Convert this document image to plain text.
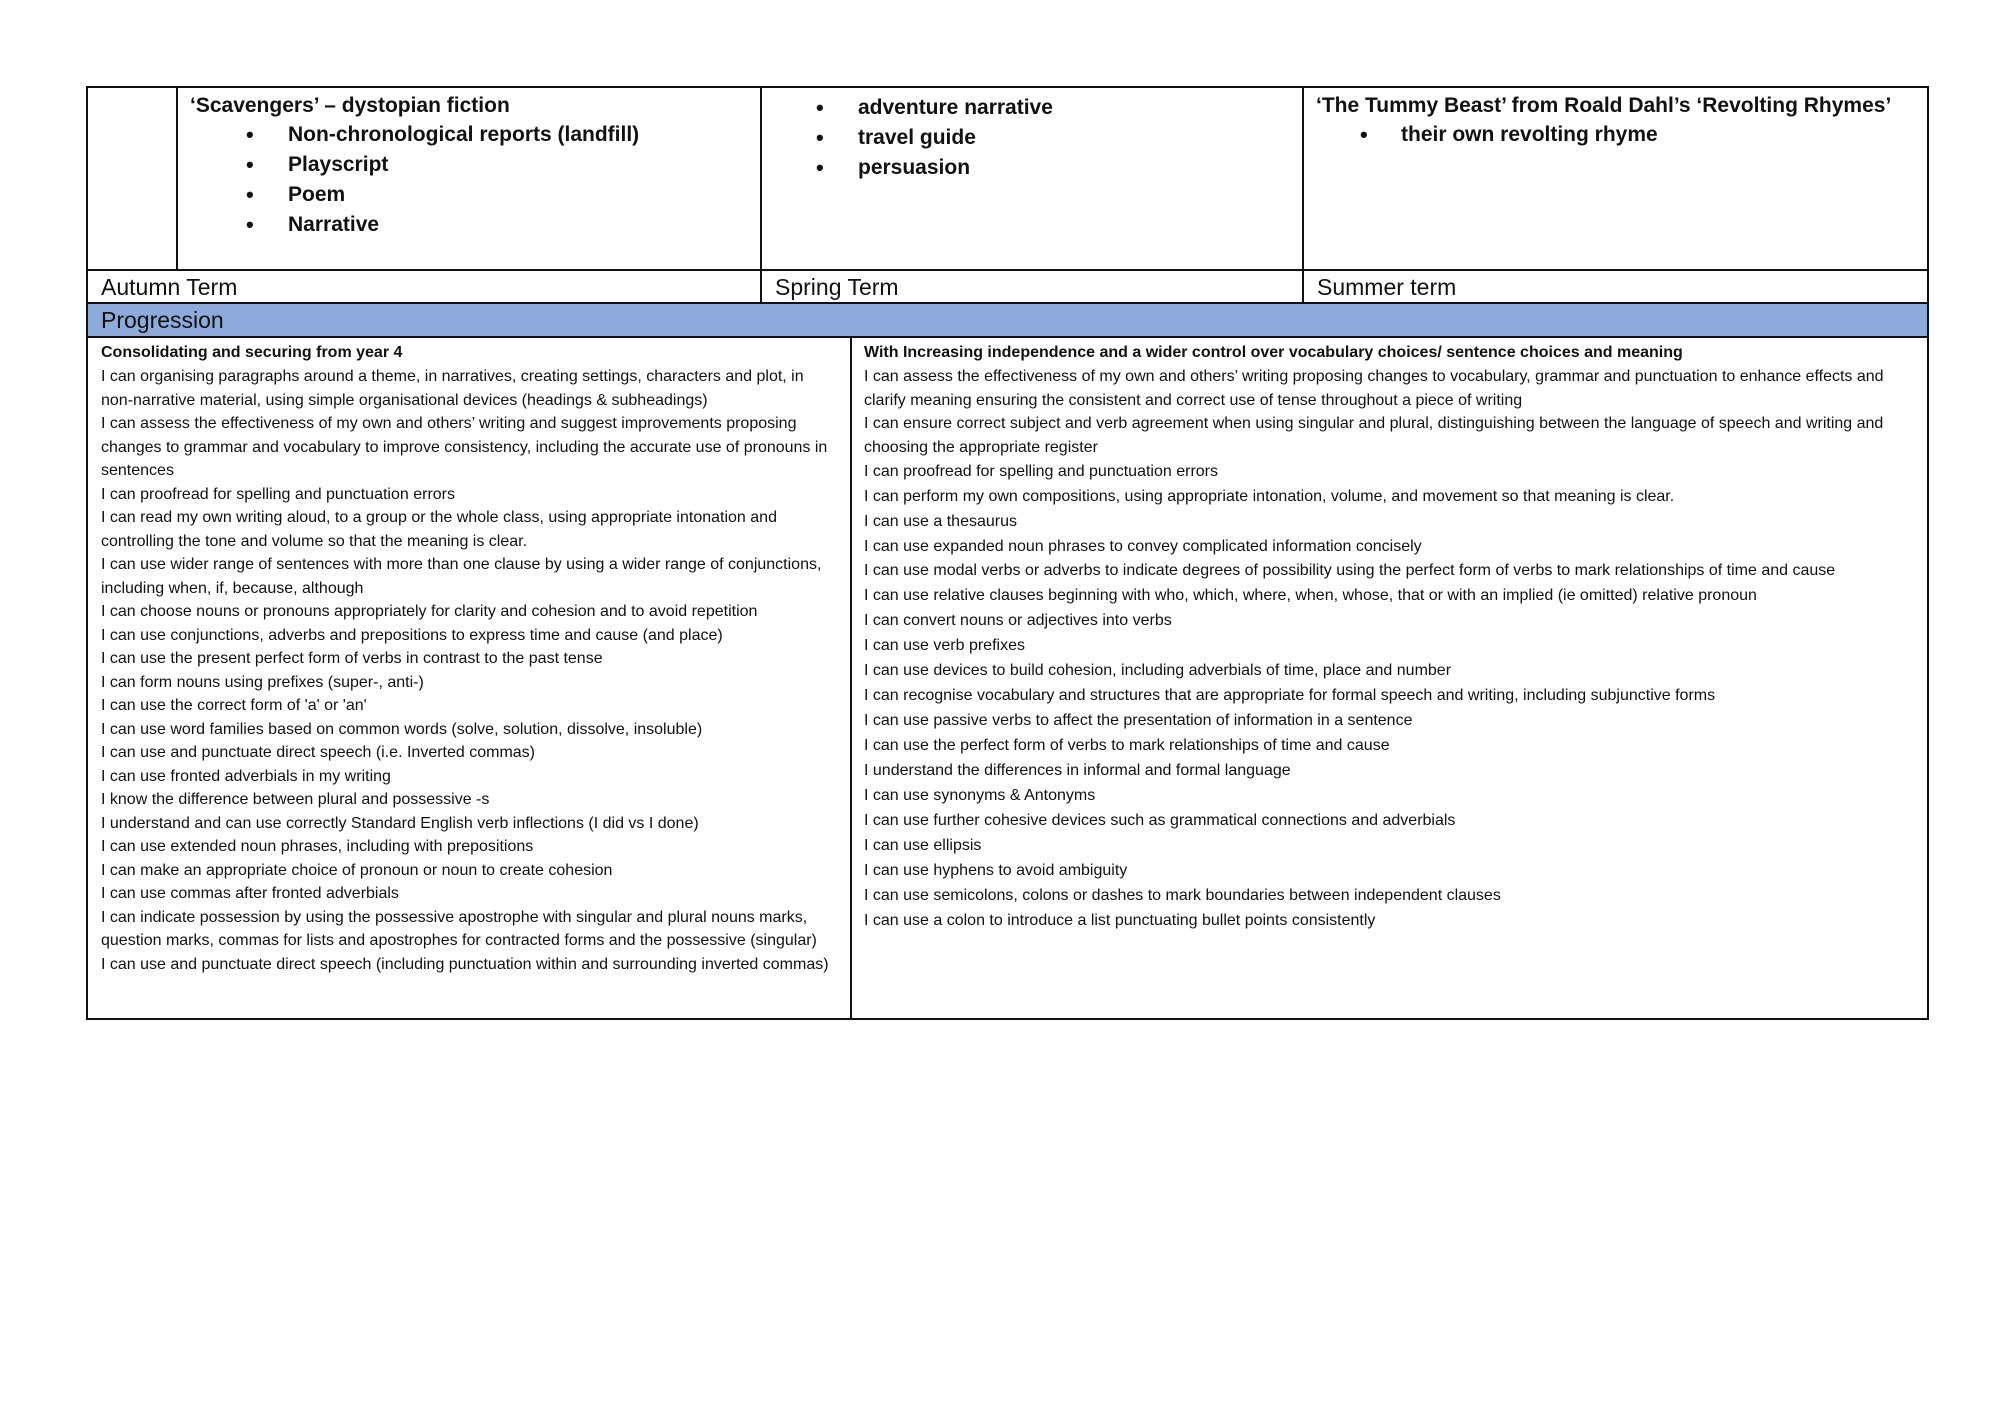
‘Scavengers’ – dystopian fiction
• Non-chronological reports (landfill)
• Playscript
• Poem
• Narrative
• adventure narrative
• travel guide
• persuasion
‘The Tummy Beast’ from Roald Dahl’s ‘Revolting Rhymes’
• their own revolting rhyme
Autumn Term	Spring Term	Summer term
Progression
Consolidating and securing from year 4
I can organising paragraphs around a theme, in narratives, creating settings, characters and plot, in non-narrative material, using simple organisational devices (headings & subheadings)
I can assess the effectiveness of my own and others’ writing and suggest improvements proposing changes to grammar and vocabulary to improve consistency, including the accurate use of pronouns in sentences
I can proofread for spelling and punctuation errors
I can read my own writing aloud, to a group or the whole class, using appropriate intonation and controlling the tone and volume so that the meaning is clear.
I can use wider range of sentences with more than one clause by using a wider range of conjunctions, including when, if, because, although
I can choose nouns or pronouns appropriately for clarity and cohesion and to avoid repetition
I can use conjunctions, adverbs and prepositions to express time and cause (and place)
I can use the present perfect form of verbs in contrast to the past tense
I can form nouns using prefixes (super-, anti-)
I can use the correct form of 'a' or 'an'
I can use word families based on common words (solve, solution, dissolve, insoluble)
I can use and punctuate direct speech (i.e. Inverted commas)
I can use fronted adverbials in my writing
I know the difference between plural and possessive -s
I understand and can use correctly Standard English verb inflections (I did vs I done)
I can use extended noun phrases, including with prepositions
I can make an appropriate choice of pronoun or noun to create cohesion
I can use commas after fronted adverbials
I can indicate possession by using the possessive apostrophe with singular and plural nouns marks, question marks, commas for lists and apostrophes for contracted forms and the possessive (singular)
I can use and punctuate direct speech (including punctuation within and surrounding inverted commas)
With Increasing independence and a wider control over vocabulary choices/ sentence choices and meaning
I can assess the effectiveness of my own and others’ writing proposing changes to vocabulary, grammar and punctuation to enhance effects and clarify meaning ensuring the consistent and correct use of tense throughout a piece of writing
I can ensure correct subject and verb agreement when using singular and plural, distinguishing between the language of speech and writing and choosing the appropriate register
I can proofread for spelling and punctuation errors
I can perform my own compositions, using appropriate intonation, volume, and movement so that meaning is clear.
I can use a thesaurus
I can use expanded noun phrases to convey complicated information concisely
I can use modal verbs or adverbs to indicate degrees of possibility using the perfect form of verbs to mark relationships of time and cause
I can use relative clauses beginning with who, which, where, when, whose, that or with an implied (ie omitted) relative pronoun
I can convert nouns or adjectives into verbs
I can use verb prefixes
I can use devices to build cohesion, including adverbials of time, place and number
I can recognise vocabulary and structures that are appropriate for formal speech and writing, including subjunctive forms
I can use passive verbs to affect the presentation of information in a sentence
I can use the perfect form of verbs to mark relationships of time and cause
I understand the differences in informal and formal language
I can use synonyms & Antonyms
I can use further cohesive devices such as grammatical connections and adverbials
I can use ellipsis
I can use hyphens to avoid ambiguity
I can use semicolons, colons or dashes to mark boundaries between independent clauses
I can use a colon to introduce a list punctuating bullet points consistently
